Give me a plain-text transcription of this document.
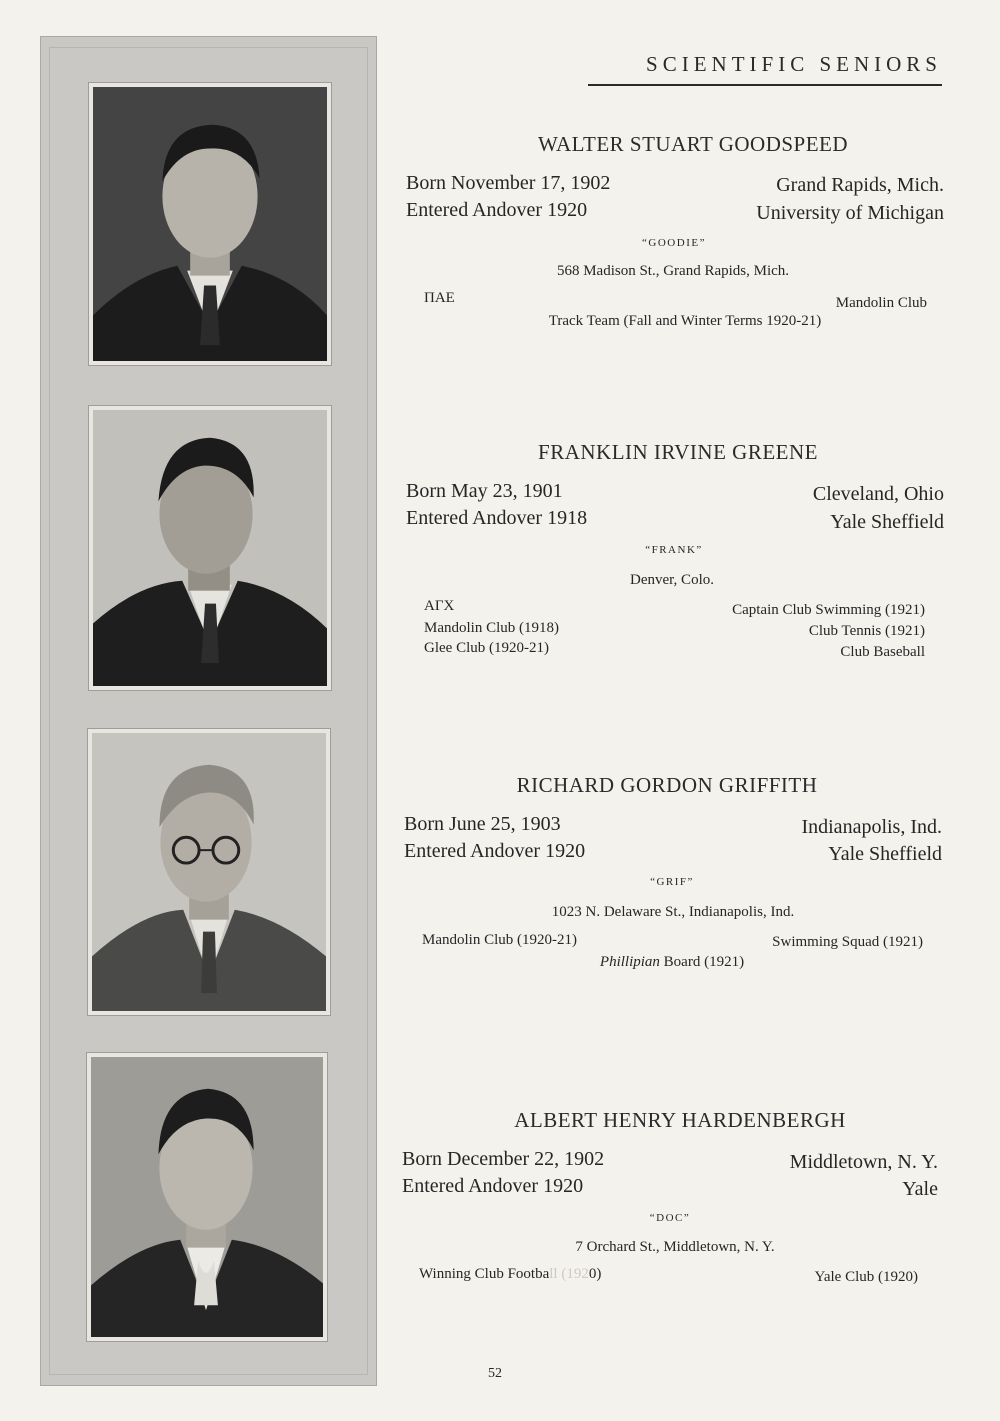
SCIENTIFIC SENIORS
WALTER STUART GOODSPEED
Born November 17, 1902
Entered Andover 1920
Grand Rapids, Mich.
University of Michigan
“GOODIE”
568 Madison St., Grand Rapids, Mich.
ΠΑΕ	Mandolin Club
Track Team (Fall and Winter Terms 1920-21)
FRANKLIN IRVINE GREENE
Born May 23, 1901
Entered Andover 1918
Cleveland, Ohio
Yale Sheffield
“FRANK”
Denver, Colo.
ΑΓΧ
Mandolin Club (1918)
Glee Club (1920-21)
Captain Club Swimming (1921)
Club Tennis (1921)
Club Baseball
RICHARD GORDON GRIFFITH
Born June 25, 1903
Entered Andover 1920
Indianapolis, Ind.
Yale Sheffield
“GRIF”
1023 N. Delaware St., Indianapolis, Ind.
Mandolin Club (1920-21)	Swimming Squad (1921)
Phillipian Board (1921)
ALBERT HENRY HARDENBERGH
Born December 22, 1902
Entered Andover 1920
Middletown, N. Y.
Yale
“DOC”
7 Orchard St., Middletown, N. Y.
Winning Club Football (1920)	Yale Club (1920)
52
